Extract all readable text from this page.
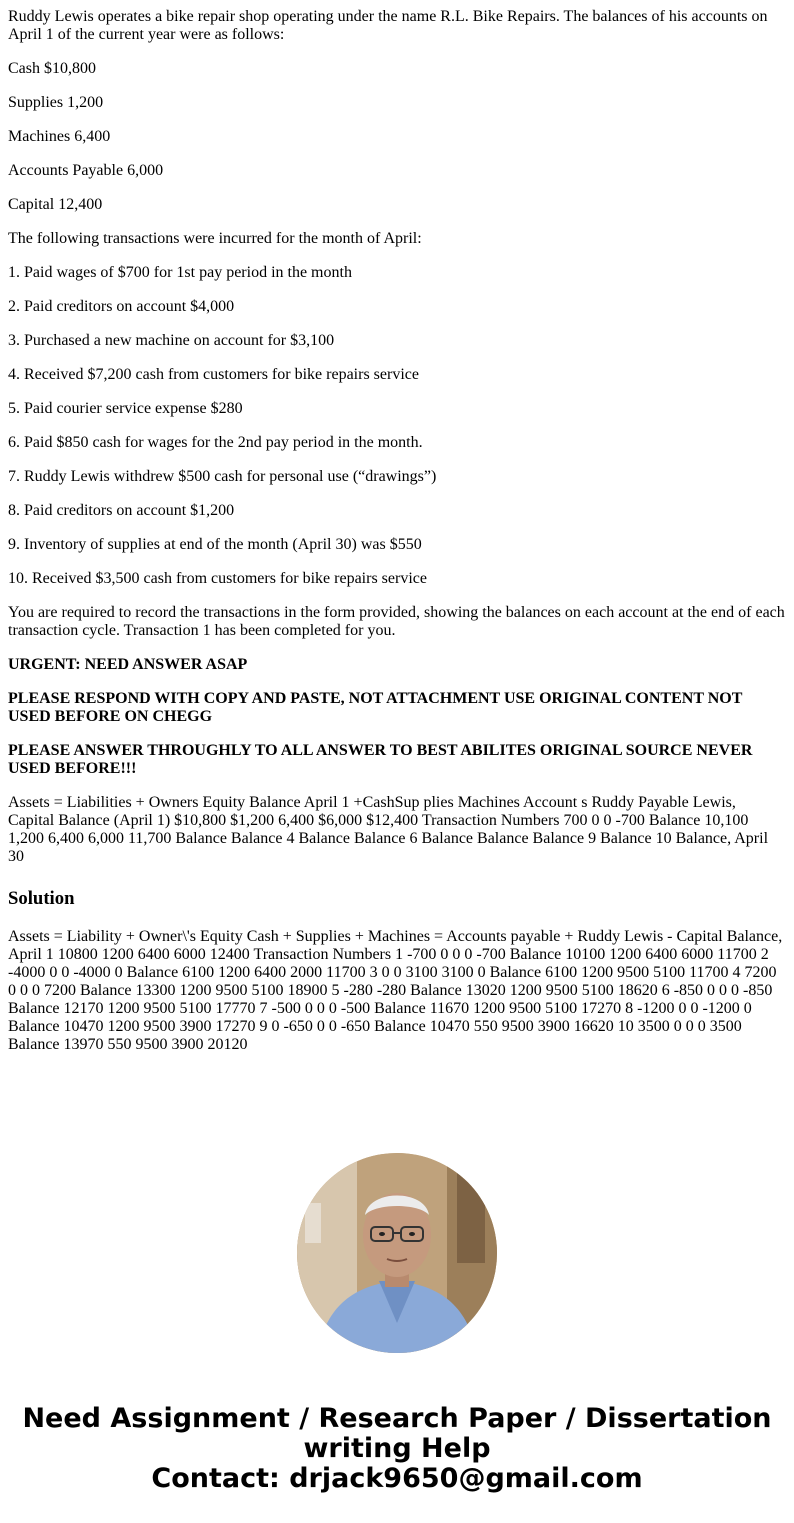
Ruddy Lewis operates a bike repair shop operating under the name R.L. Bike Repairs. The balances of his accounts on April 1 of the current year were as follows:

Cash $10,800

Supplies 1,200

Machines 6,400

Accounts Payable 6,000

Capital 12,400

The following transactions were incurred for the month of April:

1. Paid wages of $700 for 1st pay period in the month

2. Paid creditors on account $4,000

3. Purchased a new machine on account for $3,100

4. Received $7,200 cash from customers for bike repairs service

5. Paid courier service expense $280

6. Paid $850 cash for wages for the 2nd pay period in the month.

7. Ruddy Lewis withdrew $500 cash for personal use (“drawings”)

8. Paid creditors on account $1,200

9. Inventory of supplies at end of the month (April 30) was $550

10. Received $3,500 cash from customers for bike repairs service

You are required to record the transactions in the form provided, showing the balances on each account at the end of each transaction cycle. Transaction 1 has been completed for you.

URGENT: NEED ANSWER ASAP

PLEASE RESPOND WITH COPY AND PASTE, NOT ATTACHMENT USE ORIGINAL CONTENT NOT USED BEFORE ON CHEGG

PLEASE ANSWER THROUGHLY TO ALL ANSWER TO BEST ABILITES ORIGINAL SOURCE NEVER USED BEFORE!!!

Assets = Liabilities + Owners Equity Balance April 1 +CashSup plies Machines Account s Ruddy Payable Lewis, Capital Balance (April 1) $10,800 $1,200 6,400 $6,000 $12,400 Transaction Numbers 700 0 0 -700 Balance 10,100 1,200 6,400 6,000 11,700 Balance Balance 4 Balance Balance 6 Balance Balance Balance 9 Balance 10 Balance, April 30

Solution

Assets = Liability + Owner\'s Equity Cash + Supplies + Machines = Accounts payable + Ruddy Lewis - Capital Balance, April 1 10800 1200 6400 6000 12400 Transaction Numbers 1 -700 0 0 0 -700 Balance 10100 1200 6400 6000 11700 2 -4000 0 0 -4000 0 Balance 6100 1200 6400 2000 11700 3 0 0 3100 3100 0 Balance 6100 1200 9500 5100 11700 4 7200 0 0 0 7200 Balance 13300 1200 9500 5100 18900 5 -280 -280 Balance 13020 1200 9500 5100 18620 6 -850 0 0 0 -850 Balance 12170 1200 9500 5100 17770 7 -500 0 0 0 -500 Balance 11670 1200 9500 5100 17270 8 -1200 0 0 -1200 0 Balance 10470 1200 9500 3900 17270 9 0 -650 0 0 -650 Balance 10470 550 9500 3900 16620 10 3500 0 0 0 3500 Balance 13970 550 9500 3900 20120

Need Assignment / Research Paper / Dissertation
writing Help
Contact: drjack9650@gmail.com
